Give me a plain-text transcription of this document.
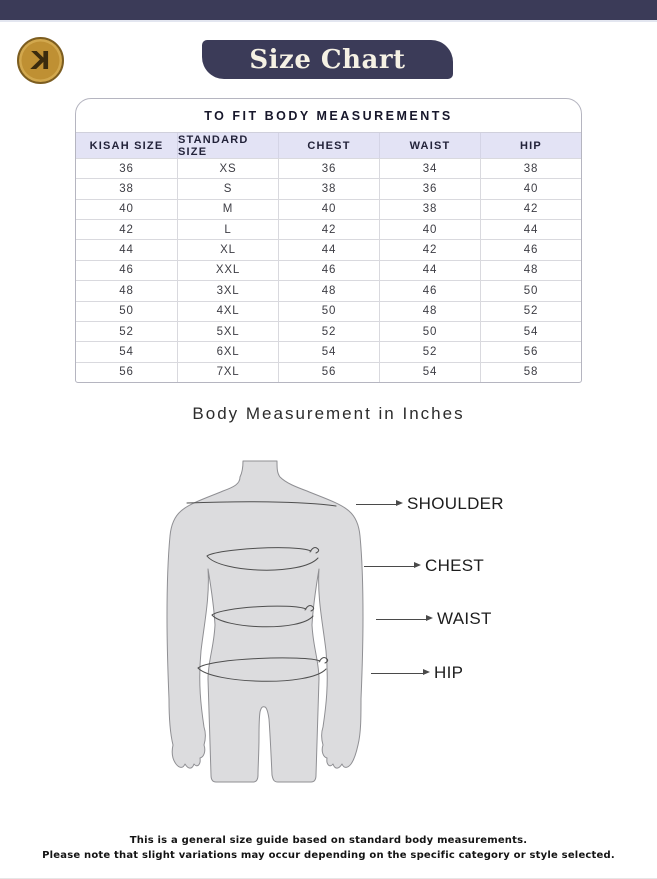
K	Size Chart
TO FIT BODY MEASUREMENTS
KISAH SIZE	STANDARD SIZE	CHEST	WAIST	HIP
36	XS	36	34	38
38	S	38	36	40
40	M	40	38	42
42	L	42	40	44
44	XL	44	42	46
46	XXL	46	44	48
48	3XL	48	46	50
50	4XL	50	48	52
52	5XL	52	50	54
54	6XL	54	52	56
56	7XL	56	54	58
Body Measurement in Inches
SHOULDER
CHEST
WAIST
HIP
This is a general size guide based on standard body measurements.
Please note that slight variations may occur depending on the specific category or style selected.
